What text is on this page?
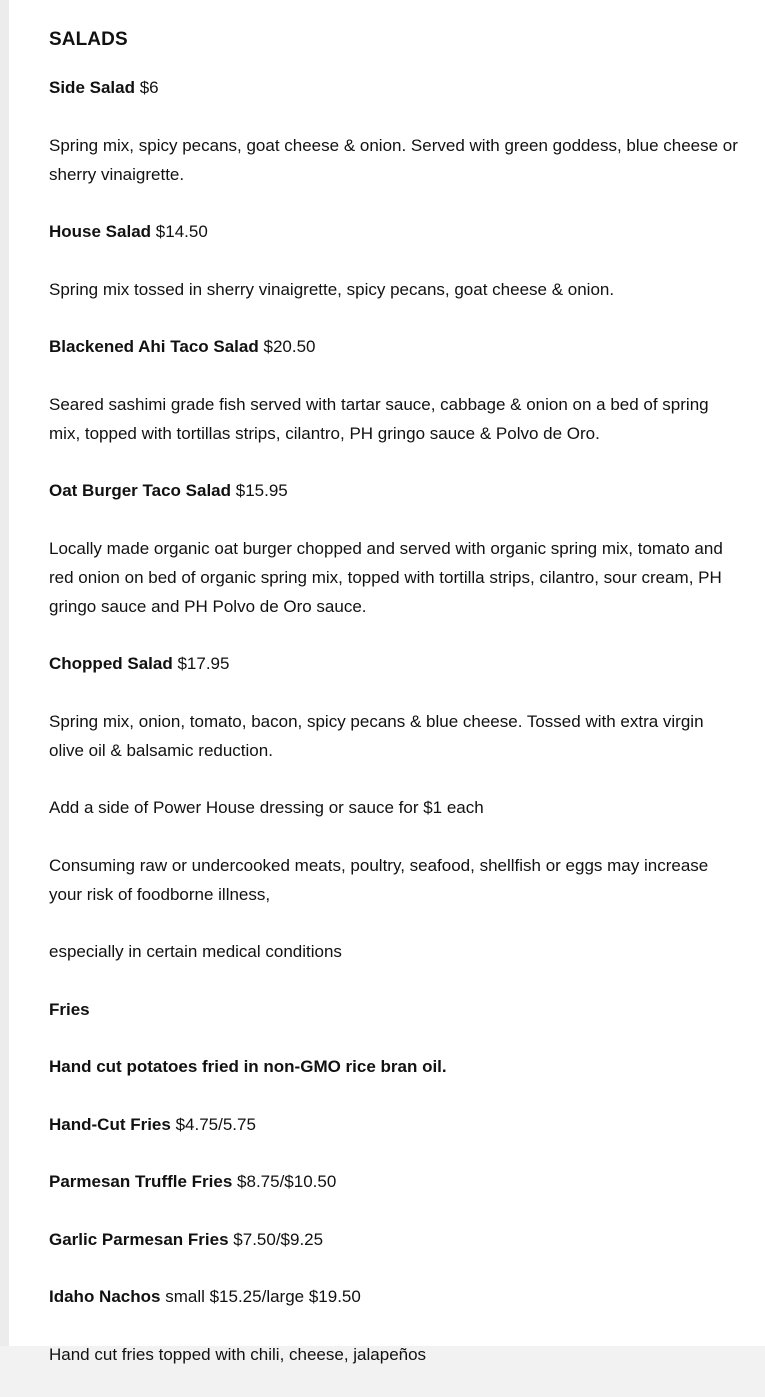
SALADS

Side Salad $6

Spring mix, spicy pecans, goat cheese & onion. Served with green goddess, blue cheese or sherry vinaigrette.

House Salad $14.50

Spring mix tossed in sherry vinaigrette, spicy pecans, goat cheese & onion.

Blackened Ahi Taco Salad $20.50

Seared sashimi grade fish served with tartar sauce, cabbage & onion on a bed of spring mix, topped with tortillas strips, cilantro, PH gringo sauce & Polvo de Oro.

Oat Burger Taco Salad $15.95

Locally made organic oat burger chopped and served with organic spring mix, tomato and red onion on bed of organic spring mix, topped with tortilla strips, cilantro, sour cream, PH gringo sauce and PH Polvo de Oro sauce.

Chopped Salad $17.95

Spring mix, onion, tomato, bacon, spicy pecans & blue cheese. Tossed with extra virgin olive oil & balsamic reduction.

Add a side of Power House dressing or sauce for $1 each

Consuming raw or undercooked meats, poultry, seafood, shellfish or eggs may increase your risk of foodborne illness,

especially in certain medical conditions

Fries

Hand cut potatoes fried in non-GMO rice bran oil.

Hand-Cut Fries $4.75/5.75

Parmesan Truffle Fries $8.75/$10.50

Garlic Parmesan Fries $7.50/$9.25

Idaho Nachos small $15.25/large $19.50

Hand cut fries topped with chili, cheese, jalapeños
